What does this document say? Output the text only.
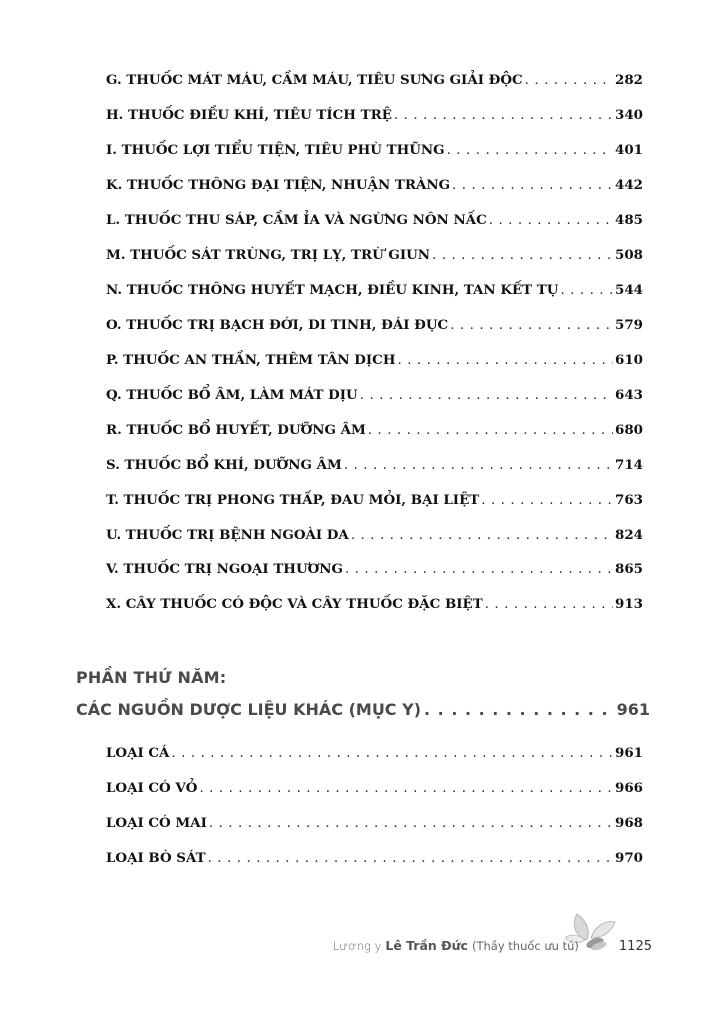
G. THUỐC MÁT MÁU, CẦM MÁU, TIÊU SƯNG GIẢI ĐỘC . . .	282
H. THUỐC ĐIỀU KHÍ, TIÊU TÍCH TRỆ . . .	340
I. THUỐC LỢI TIỂU TIỆN, TIÊU PHÙ THŨNG . . .	401
K. THUỐC THÔNG ĐẠI TIỆN, NHUẬN TRÀNG . . .	442
L. THUỐC THU SÁP, CẦM ỈA VÀ NGỪNG NÔN NẤC . . .	485
M. THUỐC SÁT TRÙNG, TRỊ LỴ, TRỪ GIUN . . .	508
N. THUỐC THÔNG HUYẾT MẠCH, ĐIỀU KINH, TAN KẾT TỤ . . .	544
O. THUỐC TRỊ BẠCH ĐỚI, DI TINH, ĐÁI ĐỤC . . .	579
P. THUỐC AN THẦN, THÊM TÂN DỊCH . . .	610
Q. THUỐC BỔ ÂM, LÀM MÁT DỊU . . .	643
R. THUỐC BỔ HUYẾT, DƯỠNG ÂM . . .	680
S. THUỐC BỔ KHÍ, DƯỠNG ÂM . . .	714
T. THUỐC TRỊ PHONG THẤP, ĐAU MỎI, BẠI LIỆT . . .	763
U. THUỐC TRỊ BỆNH NGOÀI DA . . .	824
V. THUỐC TRỊ NGOẠI THƯƠNG . . .	865
X. CÂY THUỐC CÓ ĐỘC VÀ CÂY THUỐC ĐẶC BIỆT . . .	913
PHẦN THỨ NĂM:
CÁC NGUỒN DƯỢC LIỆU KHÁC (MỤC Y) . . .	961
LOẠI CÁ . . .	961
LOẠI CÓ VỎ . . .	966
LOẠI CÓ MAI . . .	968
LOẠI BÒ SÁT . . .	970
Lương y Lê Trần Đức (Thầy thuốc ưu tú)	1125
